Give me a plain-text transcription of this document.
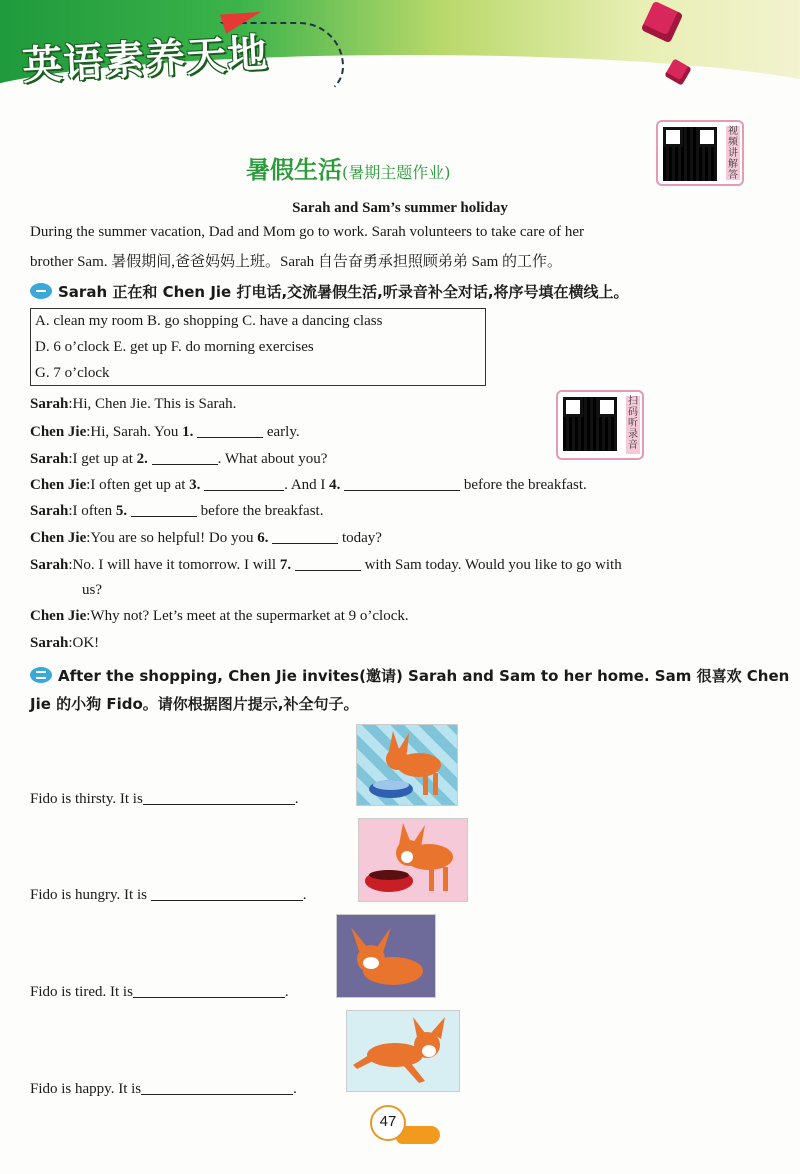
英语素养天地
暑假生活(暑期主题作业)
视
频
讲
解
答
Sarah and Sam’s summer holiday
During the summer vacation, Dad and Mom go to work. Sarah volunteers to take care of her
brother Sam. 暑假期间,爸爸妈妈上班。Sarah 自告奋勇承担照顾弟弟 Sam 的工作。
Sarah 正在和 Chen Jie 打电话,交流暑假生活,听录音补全对话,将序号填在横线上。
A. clean my room B. go shopping C. have a dancing class
D. 6 o’clock E. get up F. do morning exercises
G. 7 o’clock
扫
码
听
录
音
Sarah:Hi, Chen Jie. This is Sarah.
Chen Jie:Hi, Sarah. You 1.	early.
Sarah:I get up at 2.	. What about you?
Chen Jie:I often get up at 3.	. And I 4.	before the breakfast.
Sarah:I often 5.	before the breakfast.
Chen Jie:You are so helpful! Do you 6.	today?
Sarah:No. I will have it tomorrow. I will 7.	with Sam today. Would you like to go with
us?
Chen Jie:Why not? Let’s meet at the supermarket at 9 o’clock.
Sarah:OK!
After the shopping, Chen Jie invites(邀请) Sarah and Sam to her home. Sam 很喜欢 Chen
Jie 的小狗 Fido。请你根据图片提示,补全句子。
Fido is thirsty. It is	.
Fido is hungry. It is	.
Fido is tired. It is	.
Fido is happy. It is	.
47
